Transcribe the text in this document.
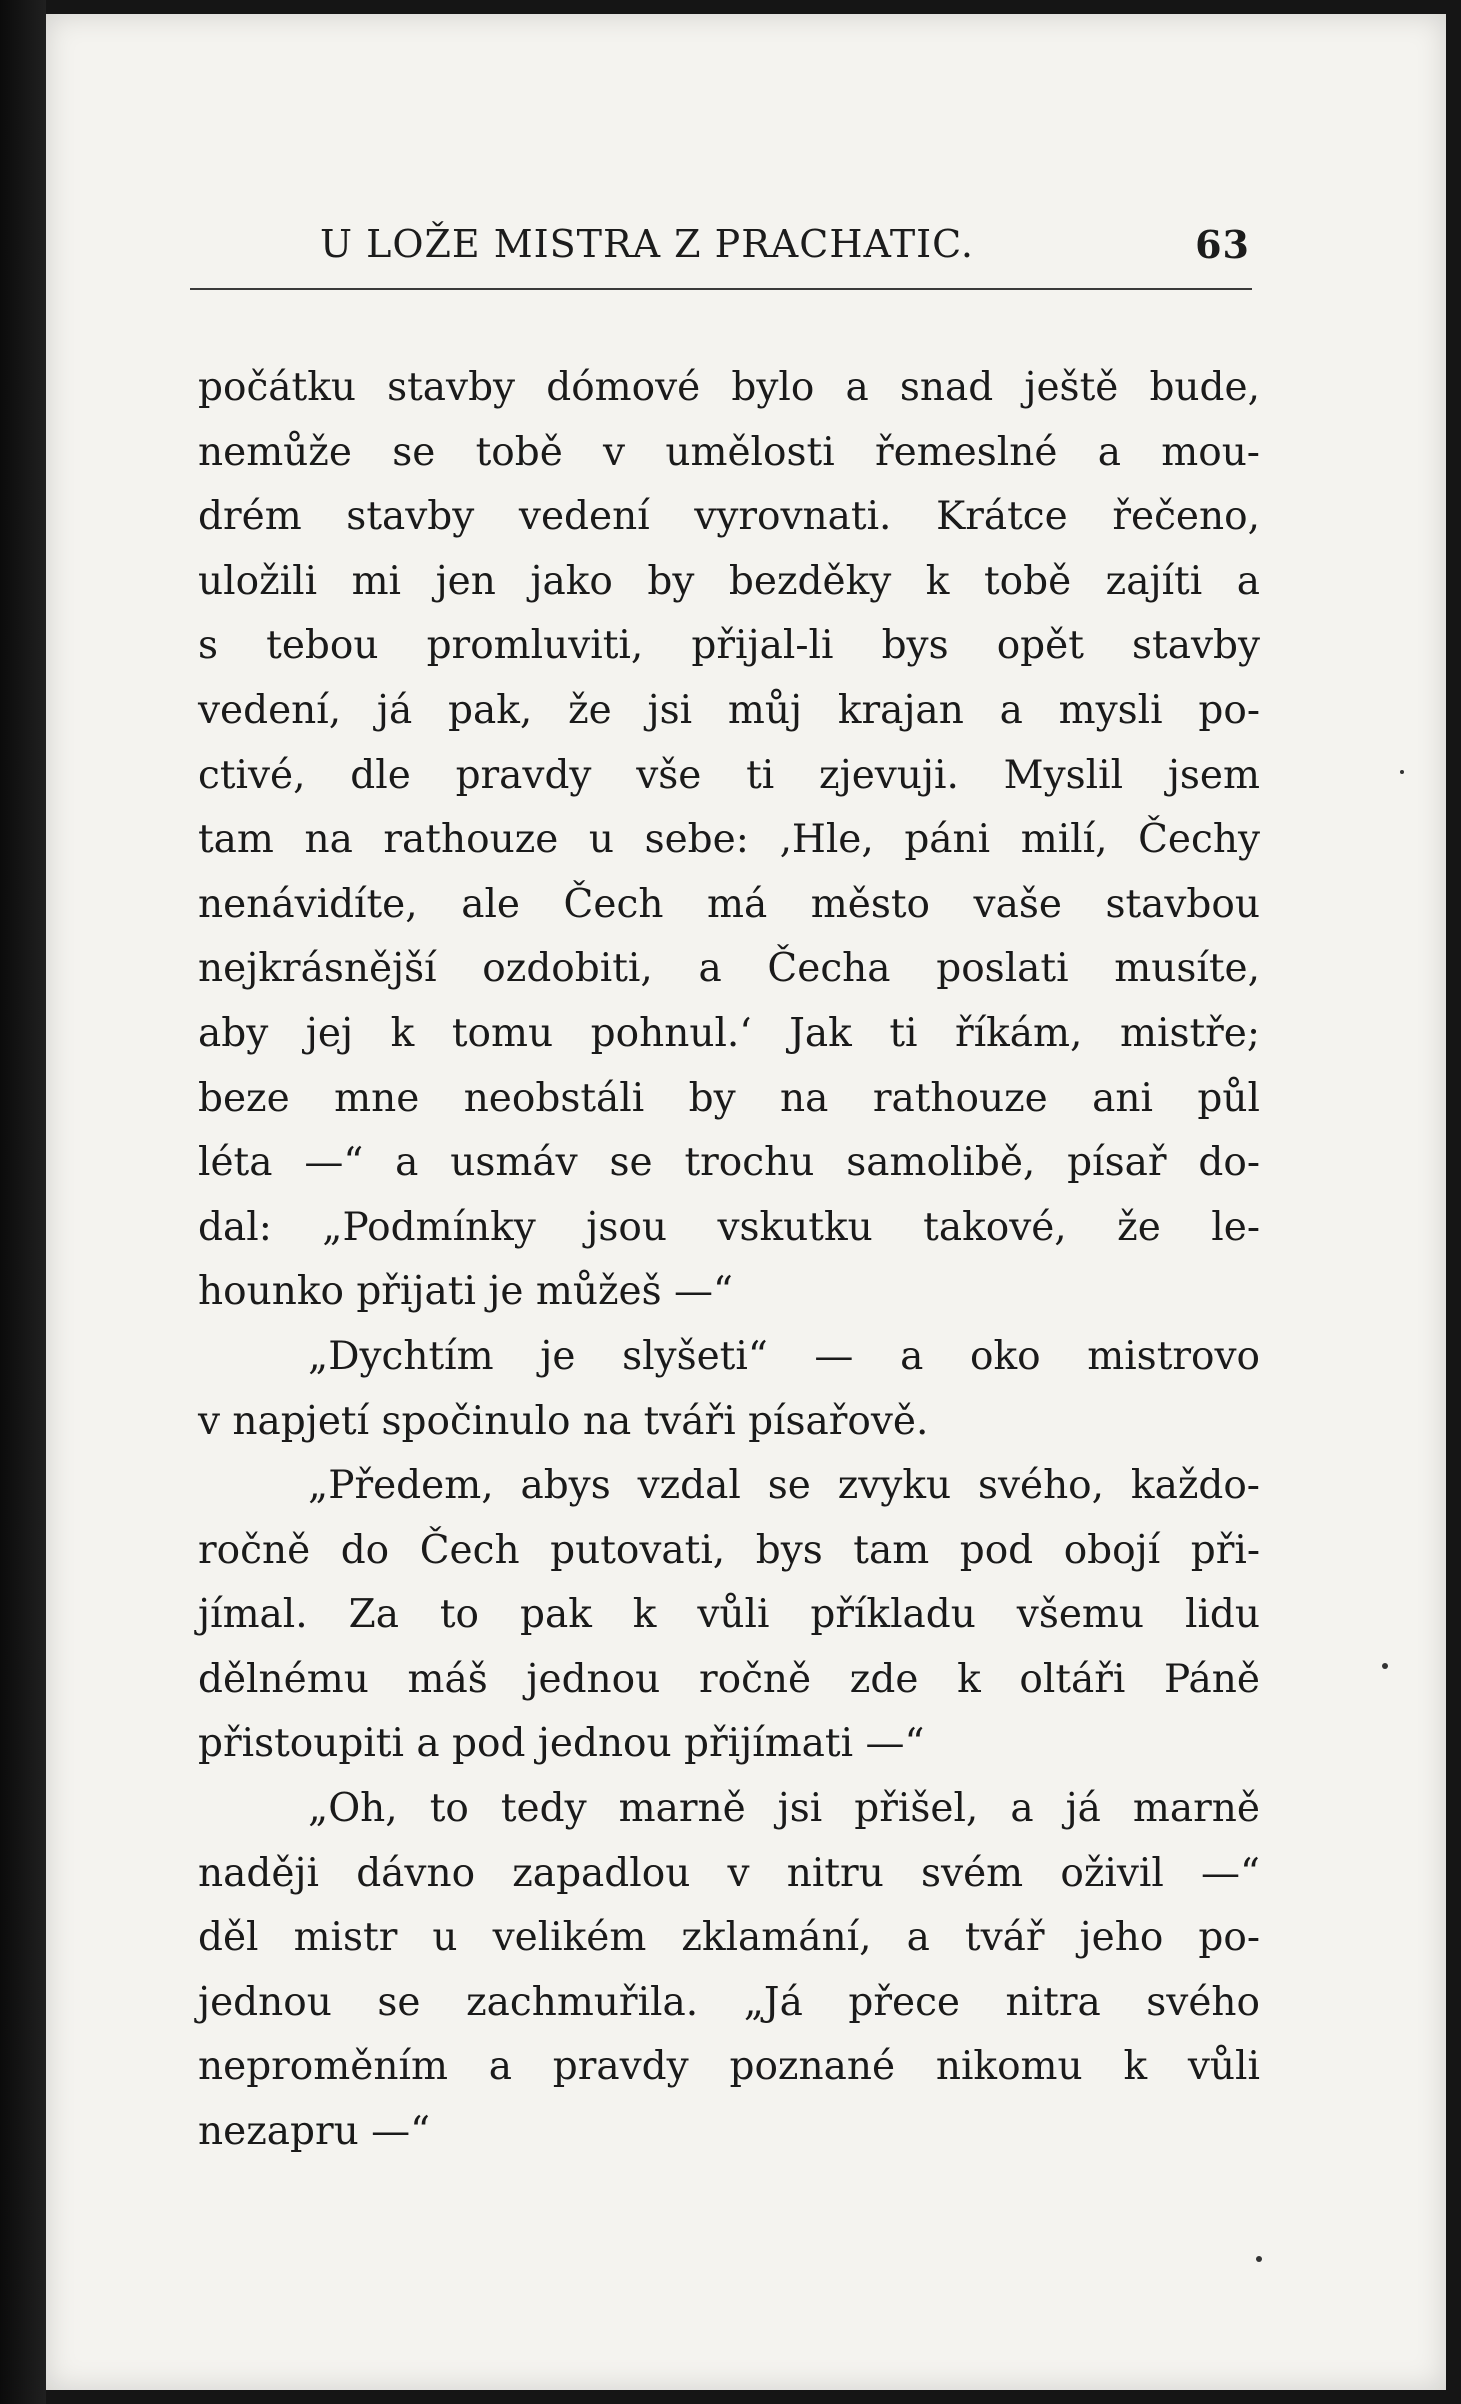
U LOŽE MISTRA Z PRACHATIC.	63
počátku stavby dómové bylo a snad ještě bude,
nemůže se tobě v umělosti řemeslné a mou-
drém stavby vedení vyrovnati. Krátce řečeno,
uložili mi jen jako by bezděky k tobě zajíti a
s tebou promluviti, přijal-li bys opět stavby
vedení, já pak, že jsi můj krajan a mysli po-
ctivé, dle pravdy vše ti zjevuji. Myslil jsem
tam na rathouze u sebe: ‚Hle, páni milí, Čechy
nenávidíte, ale Čech má město vaše stavbou
nejkrásnější ozdobiti, a Čecha poslati musíte,
aby jej k tomu pohnul.‘ Jak ti říkám, mistře;
beze mne neobstáli by na rathouze ani půl
léta —“ a usmáv se trochu samolibě, písař do-
dal: „Podmínky jsou vskutku takové, že le-
hounko přijati je můžeš —“
„Dychtím je slyšeti“ — a oko mistrovo
v napjetí spočinulo na tváři písařově.
„Předem, abys vzdal se zvyku svého, každo-
ročně do Čech putovati, bys tam pod obojí při-
jímal. Za to pak k vůli příkladu všemu lidu
dělnému máš jednou ročně zde k oltáři Páně
přistoupiti a pod jednou přijímati —“
„Oh, to tedy marně jsi přišel, a já marně
naději dávno zapadlou v nitru svém oživil —“
děl mistr u velikém zklamání, a tvář jeho po-
jednou se zachmuřila. „Já přece nitra svého
neproměním a pravdy poznané nikomu k vůli
nezapru —“
